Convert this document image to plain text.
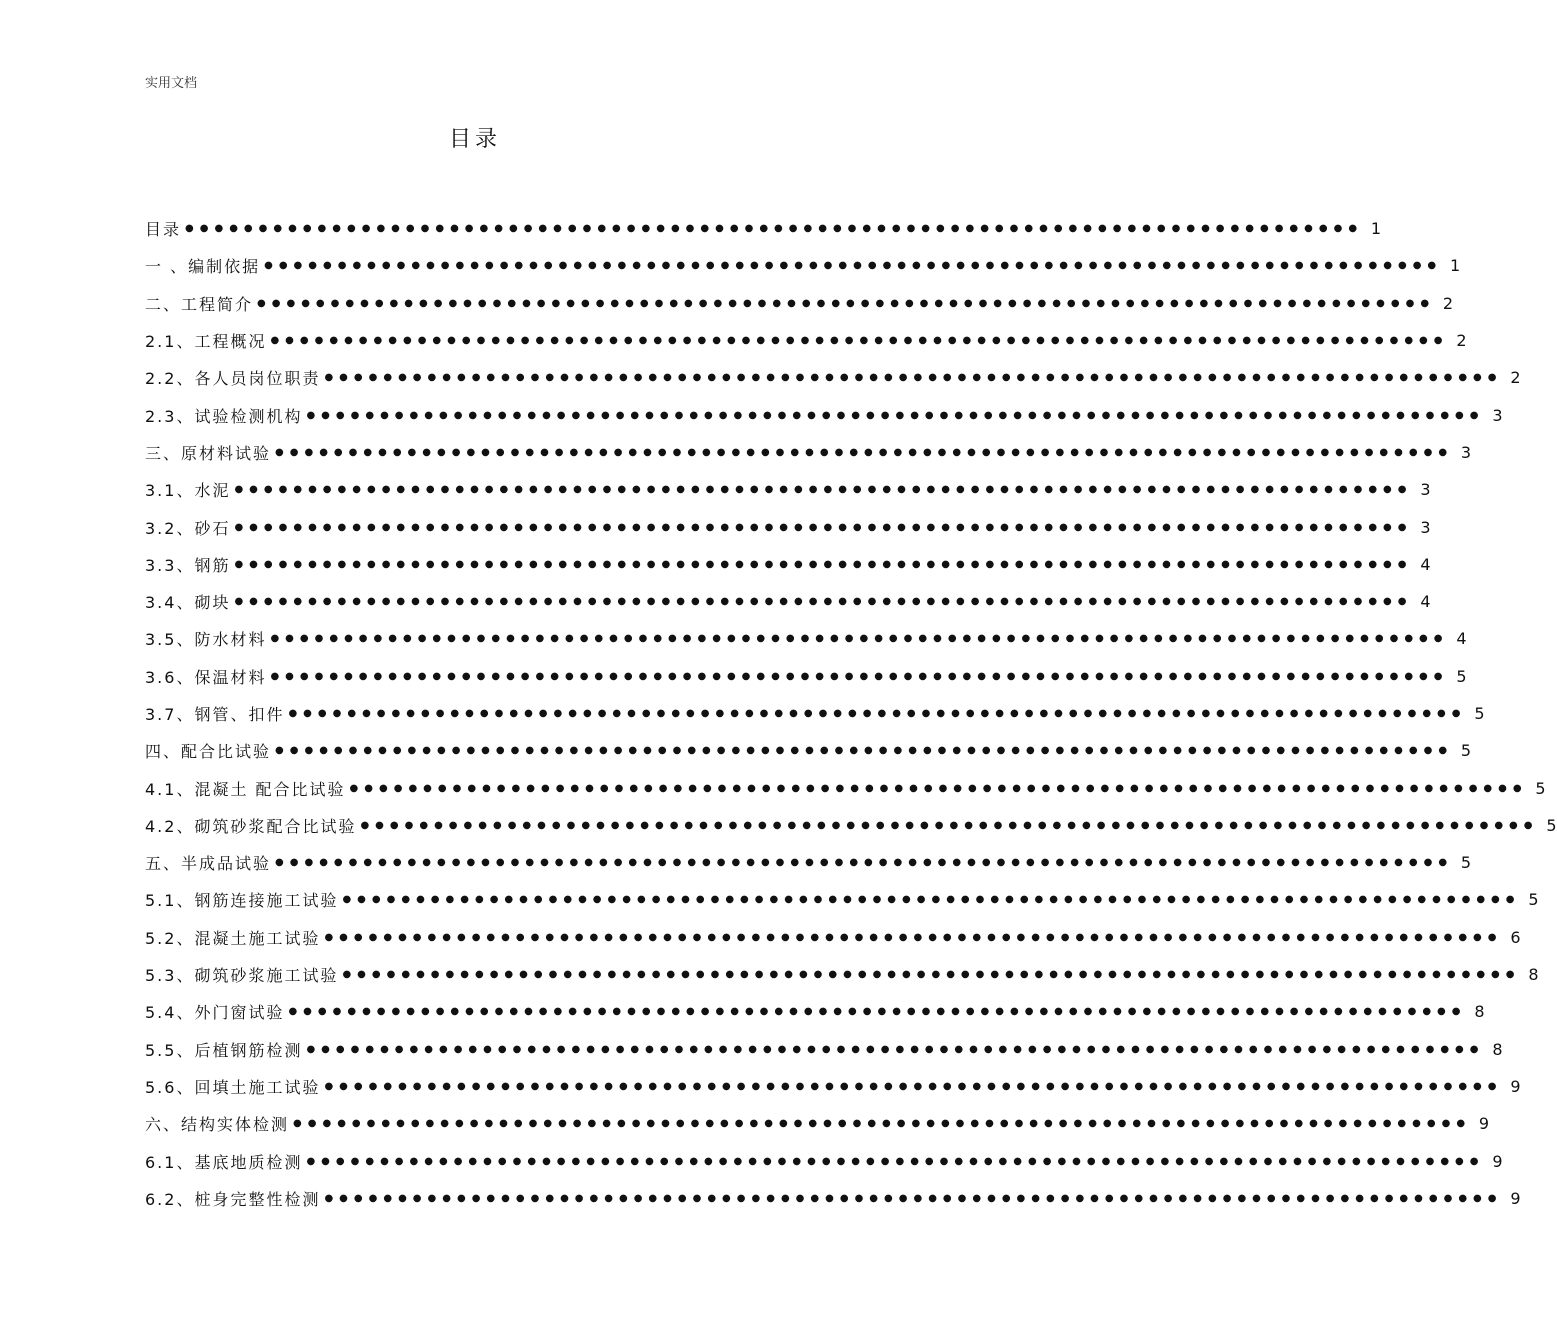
实用文档
目录
目录 ●●●●●●●●●●●●●●●●●●●●●●●●●●●●●●●●●●●●●●●●●●●●●●●●●●●●●●●●●●●●●●●●●●●●●●●●●●●●●●●● 1
一 、编制依据 ●●●●●●●●●●●●●●●●●●●●●●●●●●●●●●●●●●●●●●●●●●●●●●●●●●●●●●●●●●●●●●●●●●●●●●●●●●●●●●●● 1
二、工程简介 ●●●●●●●●●●●●●●●●●●●●●●●●●●●●●●●●●●●●●●●●●●●●●●●●●●●●●●●●●●●●●●●●●●●●●●●●●●●●●●●● 2
2.1、工程概况 ●●●●●●●●●●●●●●●●●●●●●●●●●●●●●●●●●●●●●●●●●●●●●●●●●●●●●●●●●●●●●●●●●●●●●●●●●●●●●●●● 2
2.2、各人员岗位职责 ●●●●●●●●●●●●●●●●●●●●●●●●●●●●●●●●●●●●●●●●●●●●●●●●●●●●●●●●●●●●●●●●●●●●●●●●●●●●●●●● 2
2.3、试验检测机构 ●●●●●●●●●●●●●●●●●●●●●●●●●●●●●●●●●●●●●●●●●●●●●●●●●●●●●●●●●●●●●●●●●●●●●●●●●●●●●●●● 3
三、原材料试验 ●●●●●●●●●●●●●●●●●●●●●●●●●●●●●●●●●●●●●●●●●●●●●●●●●●●●●●●●●●●●●●●●●●●●●●●●●●●●●●●● 3
3.1、水泥 ●●●●●●●●●●●●●●●●●●●●●●●●●●●●●●●●●●●●●●●●●●●●●●●●●●●●●●●●●●●●●●●●●●●●●●●●●●●●●●●● 3
3.2、砂石 ●●●●●●●●●●●●●●●●●●●●●●●●●●●●●●●●●●●●●●●●●●●●●●●●●●●●●●●●●●●●●●●●●●●●●●●●●●●●●●●● 3
3.3、钢筋 ●●●●●●●●●●●●●●●●●●●●●●●●●●●●●●●●●●●●●●●●●●●●●●●●●●●●●●●●●●●●●●●●●●●●●●●●●●●●●●●● 4
3.4、砌块 ●●●●●●●●●●●●●●●●●●●●●●●●●●●●●●●●●●●●●●●●●●●●●●●●●●●●●●●●●●●●●●●●●●●●●●●●●●●●●●●● 4
3.5、防水材料 ●●●●●●●●●●●●●●●●●●●●●●●●●●●●●●●●●●●●●●●●●●●●●●●●●●●●●●●●●●●●●●●●●●●●●●●●●●●●●●●● 4
3.6、保温材料 ●●●●●●●●●●●●●●●●●●●●●●●●●●●●●●●●●●●●●●●●●●●●●●●●●●●●●●●●●●●●●●●●●●●●●●●●●●●●●●●● 5
3.7、钢管、扣件 ●●●●●●●●●●●●●●●●●●●●●●●●●●●●●●●●●●●●●●●●●●●●●●●●●●●●●●●●●●●●●●●●●●●●●●●●●●●●●●●● 5
四、配合比试验 ●●●●●●●●●●●●●●●●●●●●●●●●●●●●●●●●●●●●●●●●●●●●●●●●●●●●●●●●●●●●●●●●●●●●●●●●●●●●●●●● 5
4.1、混凝土 配合比试验 ●●●●●●●●●●●●●●●●●●●●●●●●●●●●●●●●●●●●●●●●●●●●●●●●●●●●●●●●●●●●●●●●●●●●●●●●●●●●●●●● 5
4.2、砌筑砂浆配合比试验 ●●●●●●●●●●●●●●●●●●●●●●●●●●●●●●●●●●●●●●●●●●●●●●●●●●●●●●●●●●●●●●●●●●●●●●●●●●●●●●●● 5
五、半成品试验 ●●●●●●●●●●●●●●●●●●●●●●●●●●●●●●●●●●●●●●●●●●●●●●●●●●●●●●●●●●●●●●●●●●●●●●●●●●●●●●●● 5
5.1、钢筋连接施工试验 ●●●●●●●●●●●●●●●●●●●●●●●●●●●●●●●●●●●●●●●●●●●●●●●●●●●●●●●●●●●●●●●●●●●●●●●●●●●●●●●● 5
5.2、混凝土施工试验 ●●●●●●●●●●●●●●●●●●●●●●●●●●●●●●●●●●●●●●●●●●●●●●●●●●●●●●●●●●●●●●●●●●●●●●●●●●●●●●●● 6
5.3、砌筑砂浆施工试验 ●●●●●●●●●●●●●●●●●●●●●●●●●●●●●●●●●●●●●●●●●●●●●●●●●●●●●●●●●●●●●●●●●●●●●●●●●●●●●●●● 8
5.4、外门窗试验 ●●●●●●●●●●●●●●●●●●●●●●●●●●●●●●●●●●●●●●●●●●●●●●●●●●●●●●●●●●●●●●●●●●●●●●●●●●●●●●●● 8
5.5、后植钢筋检测 ●●●●●●●●●●●●●●●●●●●●●●●●●●●●●●●●●●●●●●●●●●●●●●●●●●●●●●●●●●●●●●●●●●●●●●●●●●●●●●●● 8
5.6、回填土施工试验 ●●●●●●●●●●●●●●●●●●●●●●●●●●●●●●●●●●●●●●●●●●●●●●●●●●●●●●●●●●●●●●●●●●●●●●●●●●●●●●●● 9
六、结构实体检测 ●●●●●●●●●●●●●●●●●●●●●●●●●●●●●●●●●●●●●●●●●●●●●●●●●●●●●●●●●●●●●●●●●●●●●●●●●●●●●●●● 9
6.1、基底地质检测 ●●●●●●●●●●●●●●●●●●●●●●●●●●●●●●●●●●●●●●●●●●●●●●●●●●●●●●●●●●●●●●●●●●●●●●●●●●●●●●●● 9
6.2、桩身完整性检测 ●●●●●●●●●●●●●●●●●●●●●●●●●●●●●●●●●●●●●●●●●●●●●●●●●●●●●●●●●●●●●●●●●●●●●●●●●●●●●●●● 9
